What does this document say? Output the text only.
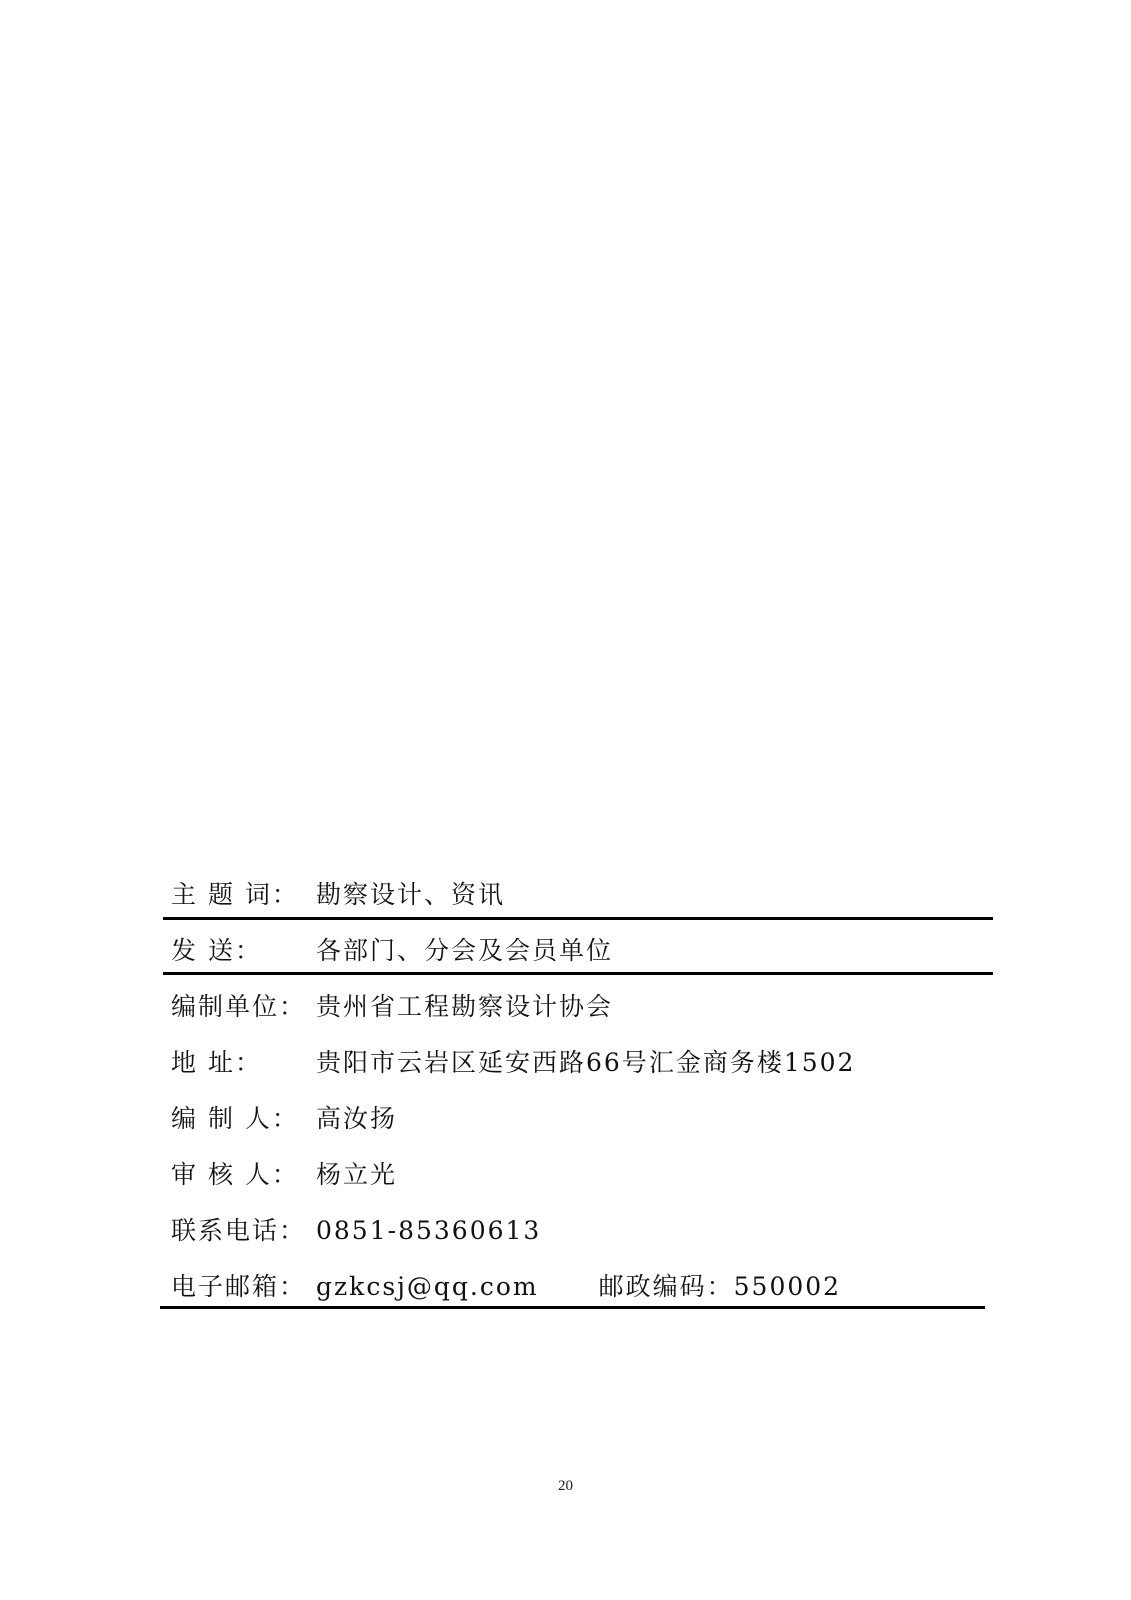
主 题 词： 勘察设计、资讯
发 送： 各部门、分会及会员单位
编制单位： 贵州省工程勘察设计协会
地 址： 贵阳市云岩区延安西路66号汇金商务楼1502
编 制 人： 高汝扬
审 核 人： 杨立光
联系电话： 0851-85360613
电子邮箱： gzkcsj@qq.com 邮政编码：550002
20
